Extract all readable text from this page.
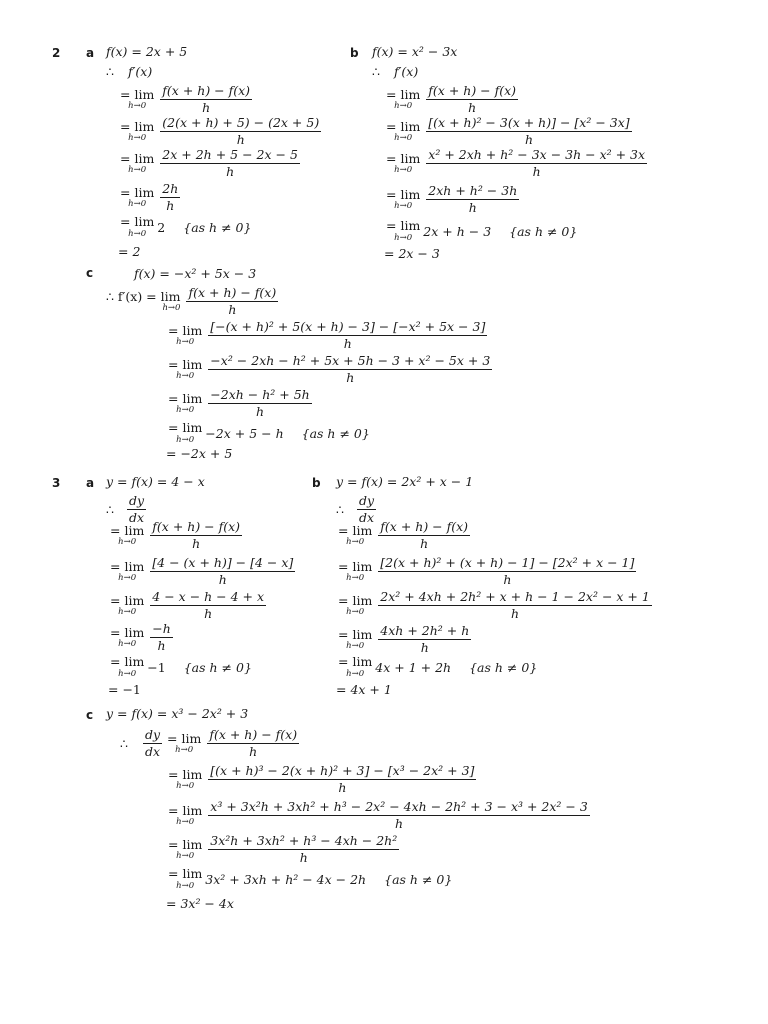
2 a	b
c
3 a	b
c
f(x) = 2x + 5
∴ f′(x)
= lim
$h\to 0 \frac{f(x + h) - f(x)}{h}$
= lim
$h\to 0 \frac{(2(x + h) + 5) - (2x + 5)}{h}$
= lim
$h\to 0 \frac{2x + 2h + 5 - 2x - 5}{h}$
= lim
$h\to 0 \frac{2h}{h}$
= lim
h→0 2 {as h ≠ 0}
= 2
f(x) = x² − 3x
∴ f′(x)
= lim
$h\to 0 \frac{f(x + h) - f(x)}{h}$
= lim
$h\to 0 \frac{\text{[(x + h)² − 3(x + h)] − [x² − 3x]}}{h}$
= lim
$h\to 0 \frac{\text{x² + 2xh + h² − 3x − 3h − x² + 3x}}{h}$
= lim
$h\to 0 \frac{\text{2xh + h² − 3h}}{h}$
= lim
h→0 2x + h − 3 {as h ≠ 0}
= 2x − 3
f(x) = −x² + 5x − 3
∴ f′(x) = lim
$h\to 0 \frac{f(x + h) - f(x)}{h}$
= lim
$h\to 0 \frac{\text{[−(x + h)² + 5(x + h) − 3] − [−x² + 5x − 3]}}{h}$
= lim
$h\to 0 \frac{\text{−x² − 2xh − h² + 5x + 5h − 3 + x² − 5x + 3}}{h}$
= lim
$h\to 0 \frac{\text{−2xh − h² + 5h}}{h}$
= lim
h→0 −2x + 5 − h {as h ≠ 0}
= −2x + 5
y = f(x) = 4 − x
∴ $\frac{dy}{dx}$
= lim
$h\to 0 \frac{f(x + h) - f(x)}{h}$
= lim
$h\to 0 \frac{[4 - (x + h)] - [4 - x]}{h}$
= lim
$h\to 0 \frac{4 - x - h - 4 + x}{h}$
= lim
$h\to 0 \frac{-h}{h}$
= lim
h→0 −1 {as h ≠ 0}
= −1
y = f(x) = 2x² + x − 1
∴ $\frac{dy}{dx}$
= lim
$h\to 0 \frac{f(x + h) - f(x)}{h}$
= lim
$h\to 0 \frac{\text{[2(x + h)² + (x + h) − 1] − [2x² + x − 1]}}{h}$
= lim
$h\to 0 \frac{\text{2x² + 4xh + 2h² + x + h − 1 − 2x² − x + 1}}{h}$
= lim
$h\to 0 \frac{\text{4xh + 2h² + h}}{h}$
= lim
h→0 4x + 1 + 2h {as h ≠ 0}
= 4x + 1
y = f(x) = x³ − 2x² + 3
∴ $\frac{dy}{dx} = \lim$
$h\to 0 \frac{f(x + h) - f(x)}{h}$
= lim
$h\to 0 \frac{\text{[(x + h)³ − 2(x + h)² + 3] − [x³ − 2x² + 3]}}{h}$
= lim
$h\to 0 \frac{\text{x³ + 3x²h + 3xh² + h³ − 2x² − 4xh − 2h² + 3 − x³ + 2x² − 3}}{h}$
= lim
$h\to 0 \frac{\text{3x²h + 3xh² + h³ − 4xh − 2h²}}{h}$
= lim
h→0 3x² + 3xh + h² − 4x − 2h {as h ≠ 0}
= 3x² − 4x
